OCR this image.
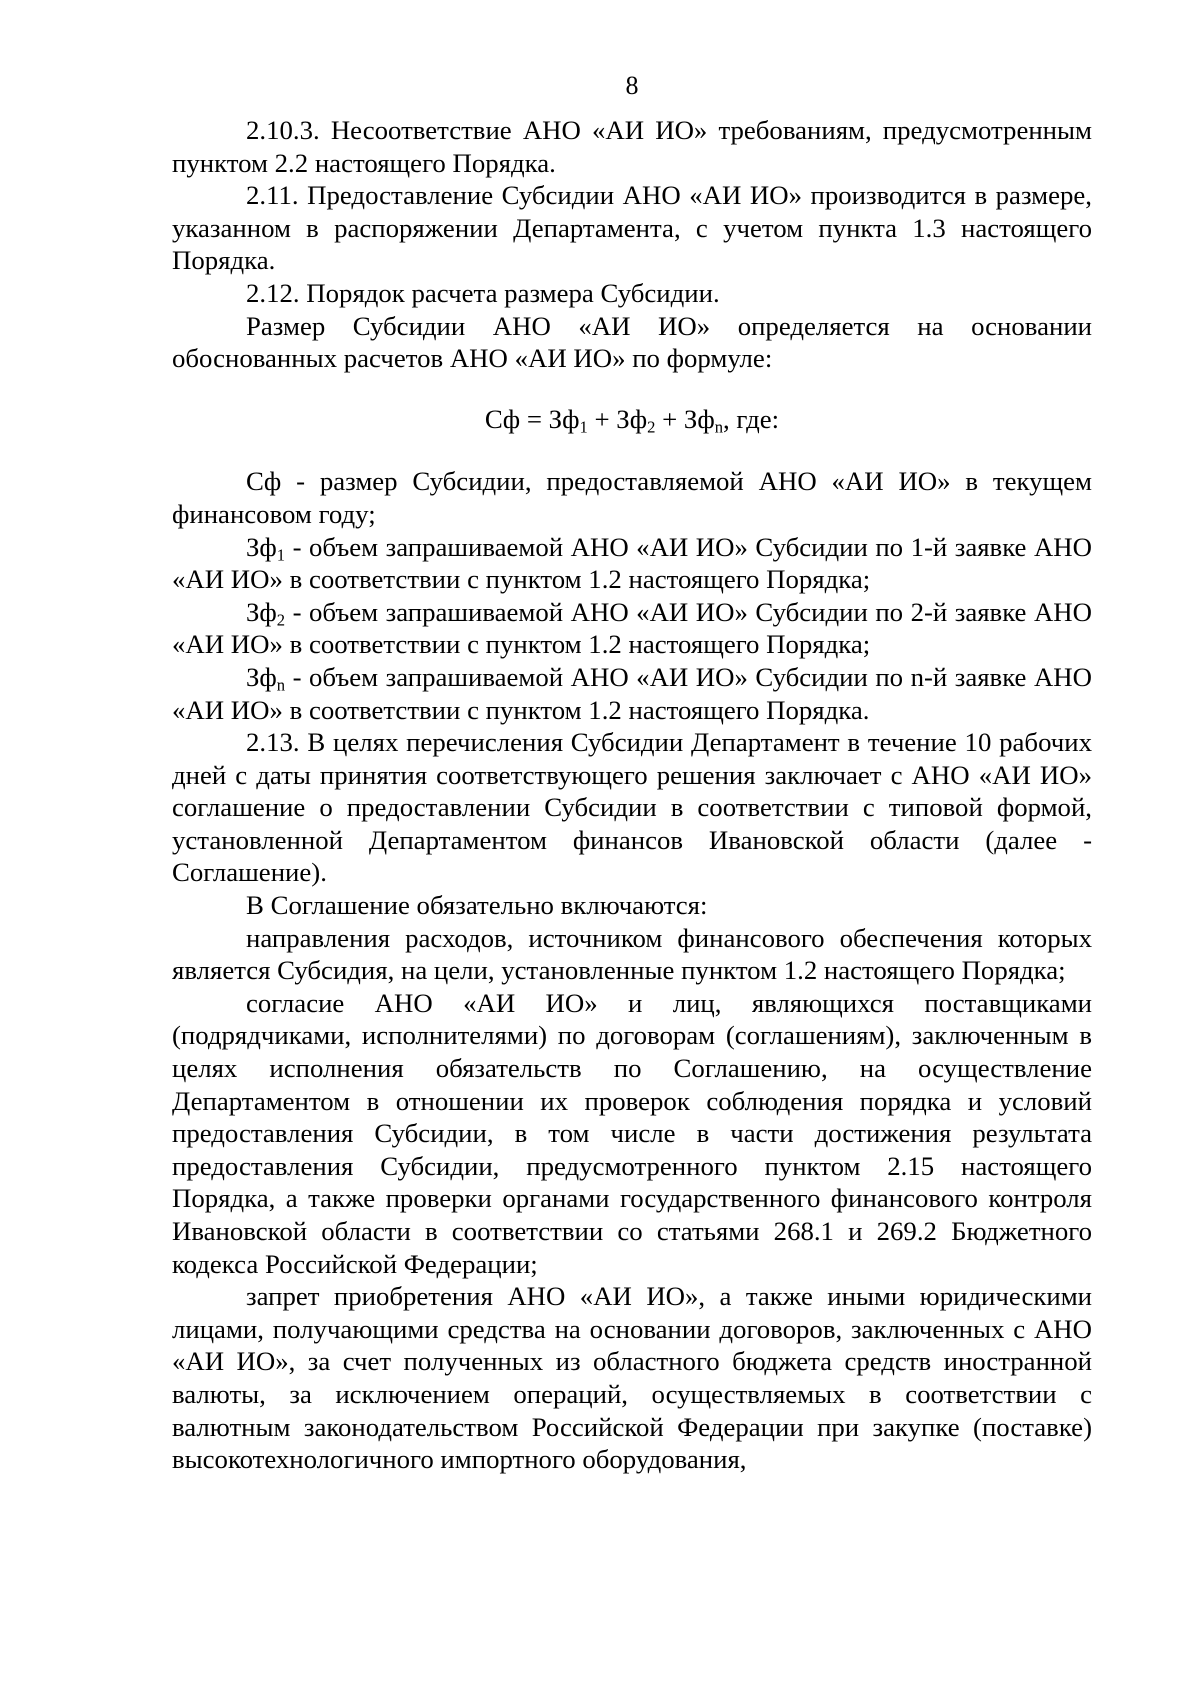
8

2.10.3. Несоответствие АНО «АИ ИО» требованиям, предусмотренным пунктом 2.2 настоящего Порядка.

2.11. Предоставление Субсидии АНО «АИ ИО» производится в размере, указанном в распоряжении Департамента, с учетом пункта 1.3 настоящего Порядка.

2.12. Порядок расчета размера Субсидии.

Размер Субсидии АНО «АИ ИО» определяется на основании обоснованных расчетов АНО «АИ ИО» по формуле:

Сф = $Зф_1 + Зф_2 + Зф_n$, где:

Сф - размер Субсидии, предоставляемой АНО «АИ ИО» в текущем финансовом году;

$Зф_1$ - объем запрашиваемой АНО «АИ ИО» Субсидии по 1-й заявке АНО «АИ ИО» в соответствии с пунктом 1.2 настоящего Порядка;

$Зф_2$ - объем запрашиваемой АНО «АИ ИО» Субсидии по 2-й заявке АНО «АИ ИО» в соответствии с пунктом 1.2 настоящего Порядка;

$Зф_n$ - объем запрашиваемой АНО «АИ ИО» Субсидии по n-й заявке АНО «АИ ИО» в соответствии с пунктом 1.2 настоящего Порядка.

2.13. В целях перечисления Субсидии Департамент в течение 10 рабочих дней с даты принятия соответствующего решения заключает с АНО «АИ ИО» соглашение о предоставлении Субсидии в соответствии с типовой формой, установленной Департаментом финансов Ивановской области (далее - Соглашение).

В Соглашение обязательно включаются:

направления расходов, источником финансового обеспечения которых является Субсидия, на цели, установленные пунктом 1.2 настоящего Порядка;

согласие АНО «АИ ИО» и лиц, являющихся поставщиками (подрядчиками, исполнителями) по договорам (соглашениям), заключенным в целях исполнения обязательств по Соглашению, на осуществление Департаментом в отношении их проверок соблюдения порядка и условий предоставления Субсидии, в том числе в части достижения результата предоставления Субсидии, предусмотренного пунктом 2.15 настоящего Порядка, а также проверки органами государственного финансового контроля Ивановской области в соответствии со статьями 268.1 и 269.2 Бюджетного кодекса Российской Федерации;

запрет приобретения АНО «АИ ИО», а также иными юридическими лицами, получающими средства на основании договоров, заключенных с АНО «АИ ИО», за счет полученных из областного бюджета средств иностранной валюты, за исключением операций, осуществляемых в соответствии с валютным законодательством Российской Федерации при закупке (поставке) высокотехнологичного импортного оборудования,
